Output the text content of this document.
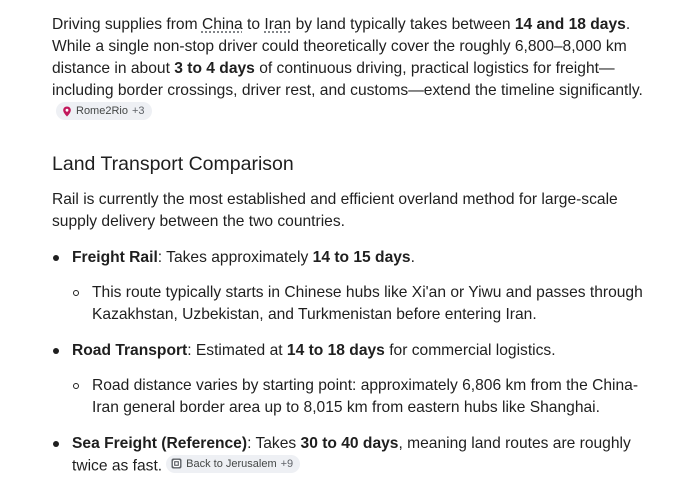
Driving supplies from China to Iran by land typically takes between 14 and 18 days. While a single non-stop driver could theoretically cover the roughly 6,800–8,000 km distance in about 3 to 4 days of continuous driving, practical logistics for freight—including border crossings, driver rest, and customs—extend the timeline significantly.
Rome2Rio +3

Land Transport Comparison

Rail is currently the most established and efficient overland method for large-scale supply delivery between the two countries.

Freight Rail: Takes approximately 14 to 15 days.
This route typically starts in Chinese hubs like Xi'an or Yiwu and passes through Kazakhstan, Uzbekistan, and Turkmenistan before entering Iran.
Road Transport: Estimated at 14 to 18 days for commercial logistics.
Road distance varies by starting point: approximately 6,806 km from the China-Iran general border area up to 8,015 km from eastern hubs like Shanghai.
Sea Freight (Reference): Takes 30 to 40 days, meaning land routes are roughly twice as fast. Back to Jerusalem +9
